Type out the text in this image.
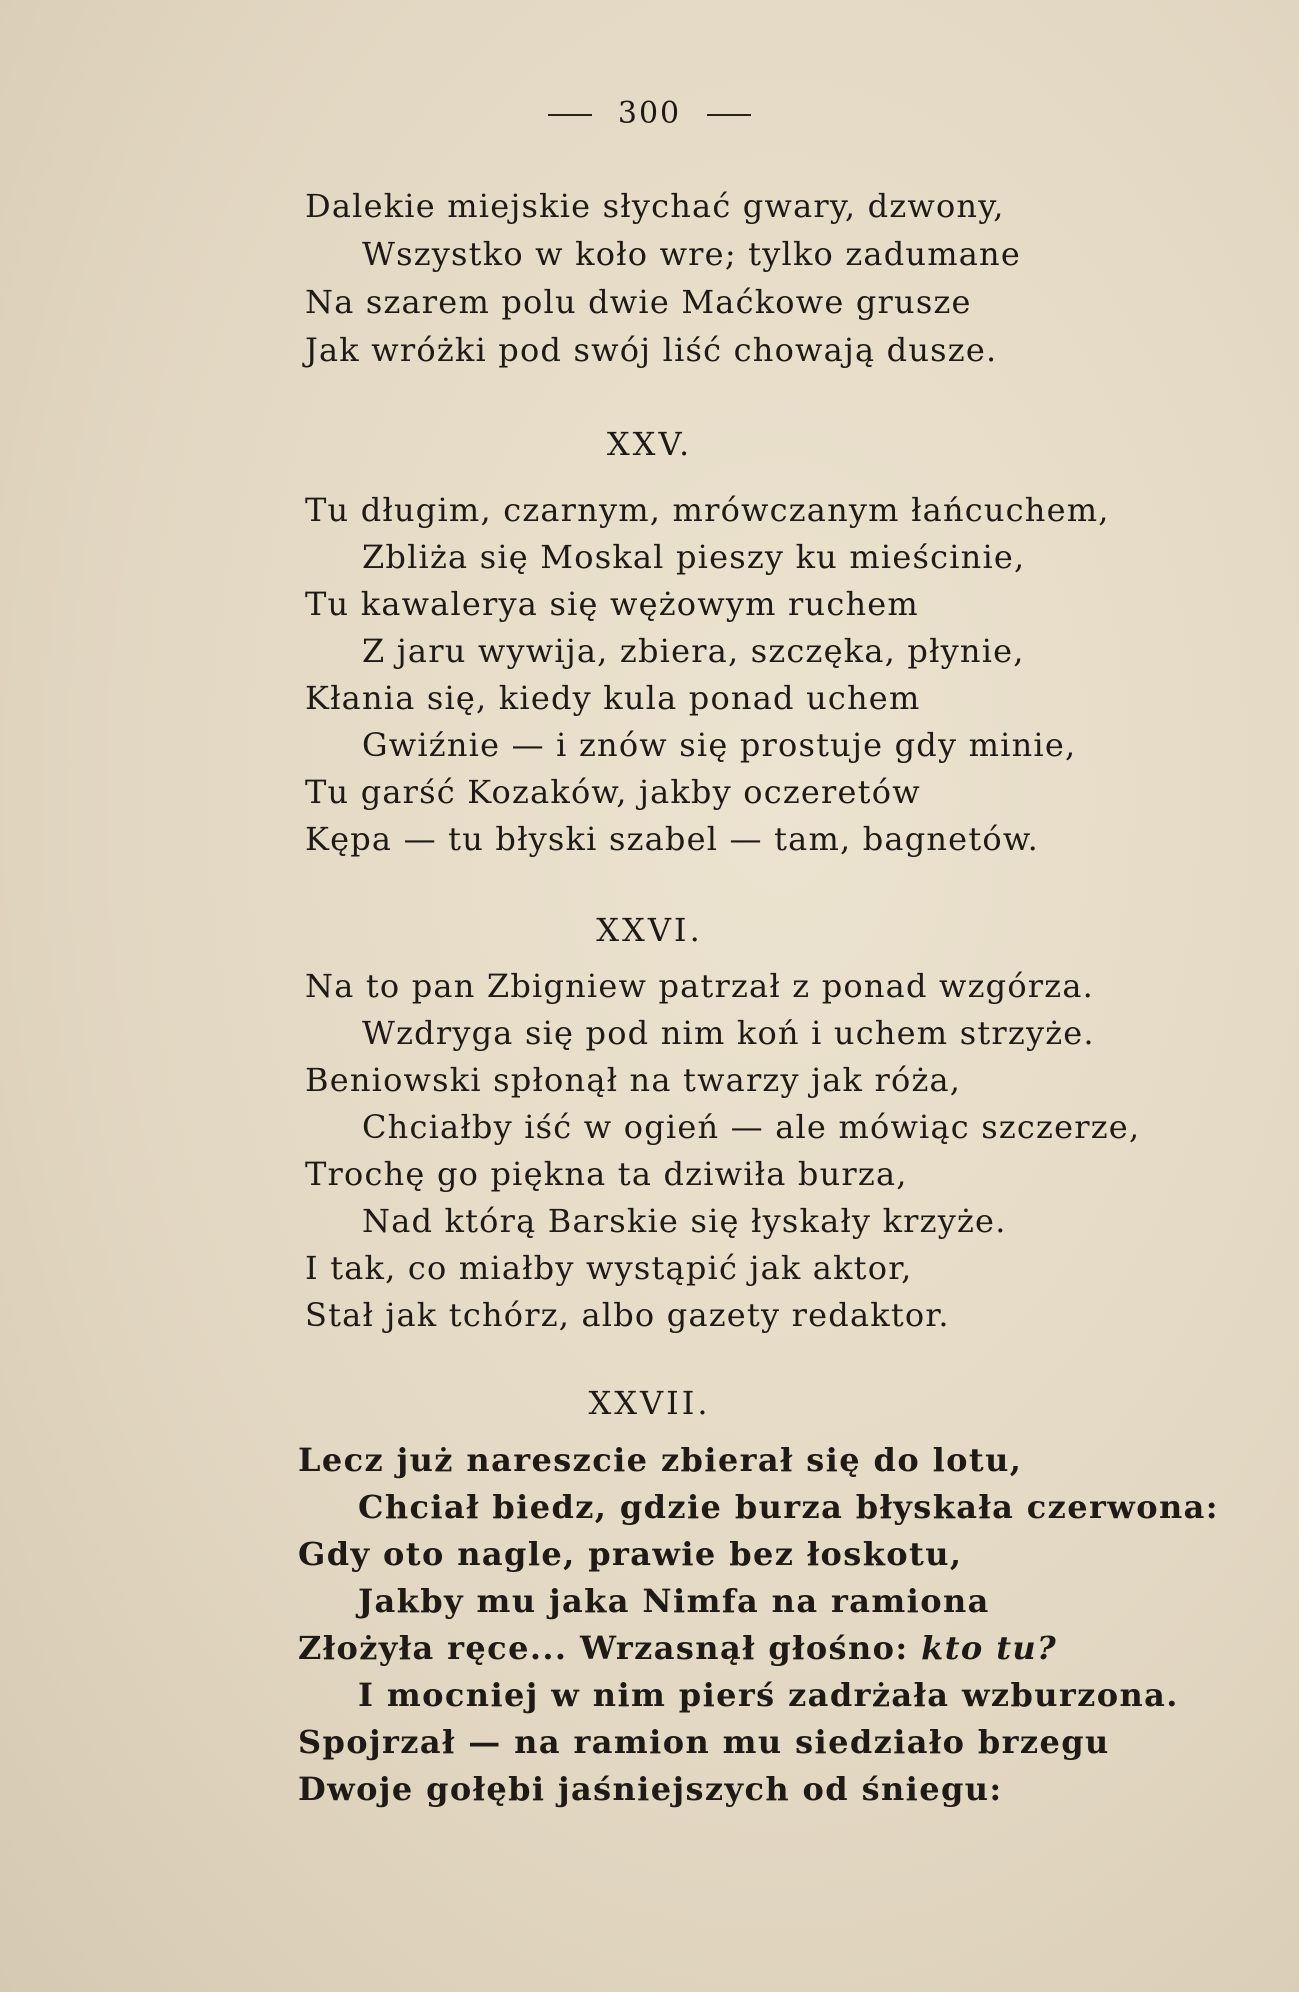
300
Dalekie miejskie słychać gwary, dzwony,
Wszystko w koło wre; tylko zadumane
Na szarem polu dwie Maćkowe grusze
Jak wróżki pod swój liść chowają dusze.
XXV.
Tu długim, czarnym, mrówczanym łańcuchem,
Zbliża się Moskal pieszy ku mieścinie,
Tu kawalerya się wężowym ruchem
Z jaru wywija, zbiera, szczęka, płynie,
Kłania się, kiedy kula ponad uchem
Gwiźnie — i znów się prostuje gdy minie,
Tu garść Kozaków, jakby oczeretów
Kępa — tu błyski szabel — tam, bagnetów.
XXVI.
Na to pan Zbigniew patrzał z ponad wzgórza.
Wzdryga się pod nim koń i uchem strzyże.
Beniowski spłonął na twarzy jak róża,
Chciałby iść w ogień — ale mówiąc szczerze,
Trochę go piękna ta dziwiła burza,
Nad którą Barskie się łyskały krzyże.
I tak, co miałby wystąpić jak aktor,
Stał jak tchórz, albo gazety redaktor.
XXVII.
Lecz już nareszcie zbierał się do lotu,
Chciał biedz, gdzie burza błyskała czerwona:
Gdy oto nagle, prawie bez łoskotu,
Jakby mu jaka Nimfa na ramiona
Złożyła ręce... Wrzasnął głośno: kto tu?
I mocniej w nim pierś zadrżała wzburzona.
Spojrzał — na ramion mu siedziało brzegu
Dwoje gołębi jaśniejszych od śniegu:
